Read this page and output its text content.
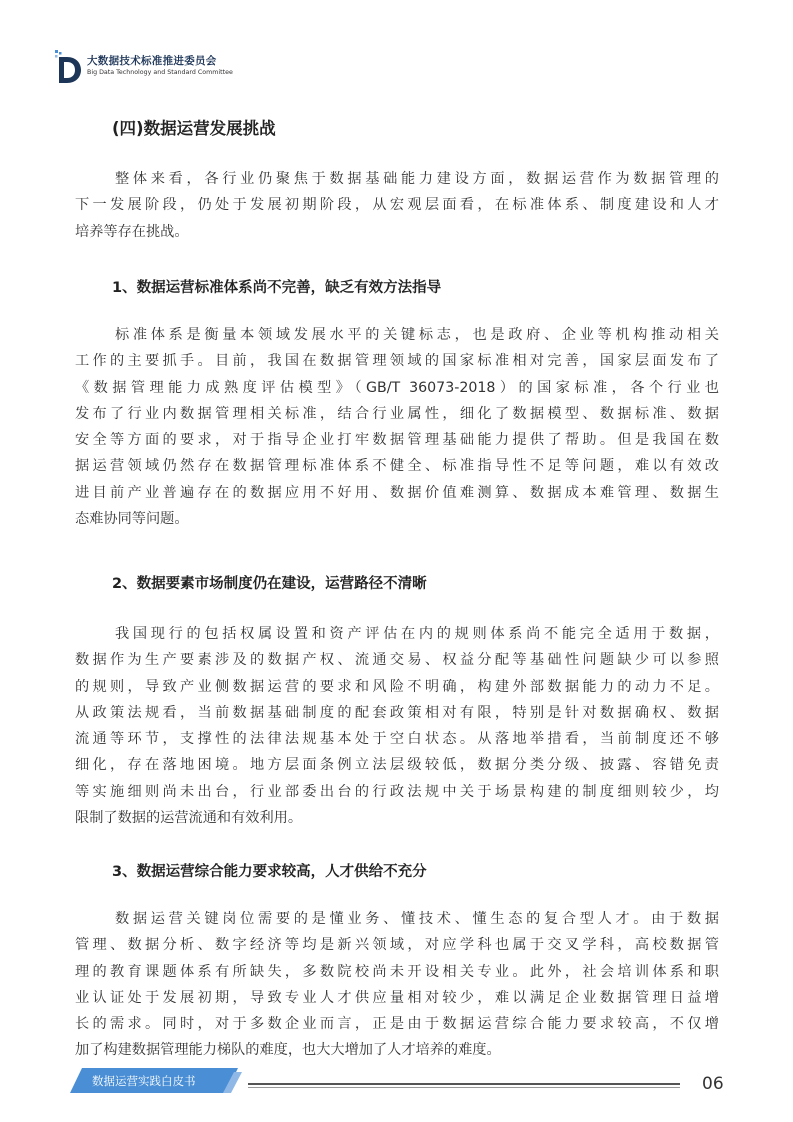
大数据技术标准推进委员会
Big Data Technology and Standard Committee
(四)数据运营发展挑战
整体来看，各行业仍聚焦于数据基础能力建设方面，数据运营作为数据管理的
下一发展阶段，仍处于发展初期阶段，从宏观层面看，在标准体系、制度建设和人才
培养等存在挑战。
1、数据运营标准体系尚不完善，缺乏有效方法指导
标准体系是衡量本领域发展水平的关键标志，也是政府、企业等机构推动相关
工作的主要抓手。目前，我国在数据管理领域的国家标准相对完善，国家层面发布了
《数据管理能力成熟度评估模型》（GB/T 36073-2018）的国家标准，各个行业也
发布了行业内数据管理相关标准，结合行业属性，细化了数据模型、数据标准、数据
安全等方面的要求，对于指导企业打牢数据管理基础能力提供了帮助。但是我国在数
据运营领域仍然存在数据管理标准体系不健全、标准指导性不足等问题，难以有效改
进目前产业普遍存在的数据应用不好用、数据价值难测算、数据成本难管理、数据生
态难协同等问题。
2、数据要素市场制度仍在建设，运营路径不清晰
我国现行的包括权属设置和资产评估在内的规则体系尚不能完全适用于数据，
数据作为生产要素涉及的数据产权、流通交易、权益分配等基础性问题缺少可以参照
的规则，导致产业侧数据运营的要求和风险不明确，构建外部数据能力的动力不足。
从政策法规看，当前数据基础制度的配套政策相对有限，特别是针对数据确权、数据
流通等环节，支撑性的法律法规基本处于空白状态。从落地举措看，当前制度还不够
细化，存在落地困境。地方层面条例立法层级较低，数据分类分级、披露、容错免责
等实施细则尚未出台，行业部委出台的行政法规中关于场景构建的制度细则较少，均
限制了数据的运营流通和有效利用。
3、数据运营综合能力要求较高，人才供给不充分
数据运营关键岗位需要的是懂业务、懂技术、懂生态的复合型人才。由于数据
管理、数据分析、数字经济等均是新兴领域，对应学科也属于交叉学科，高校数据管
理的教育课题体系有所缺失，多数院校尚未开设相关专业。此外，社会培训体系和职
业认证处于发展初期，导致专业人才供应量相对较少，难以满足企业数据管理日益增
长的需求。同时，对于多数企业而言，正是由于数据运营综合能力要求较高，不仅增
加了构建数据管理能力梯队的难度，也大大增加了人才培养的难度。
数据运营实践白皮书	06
